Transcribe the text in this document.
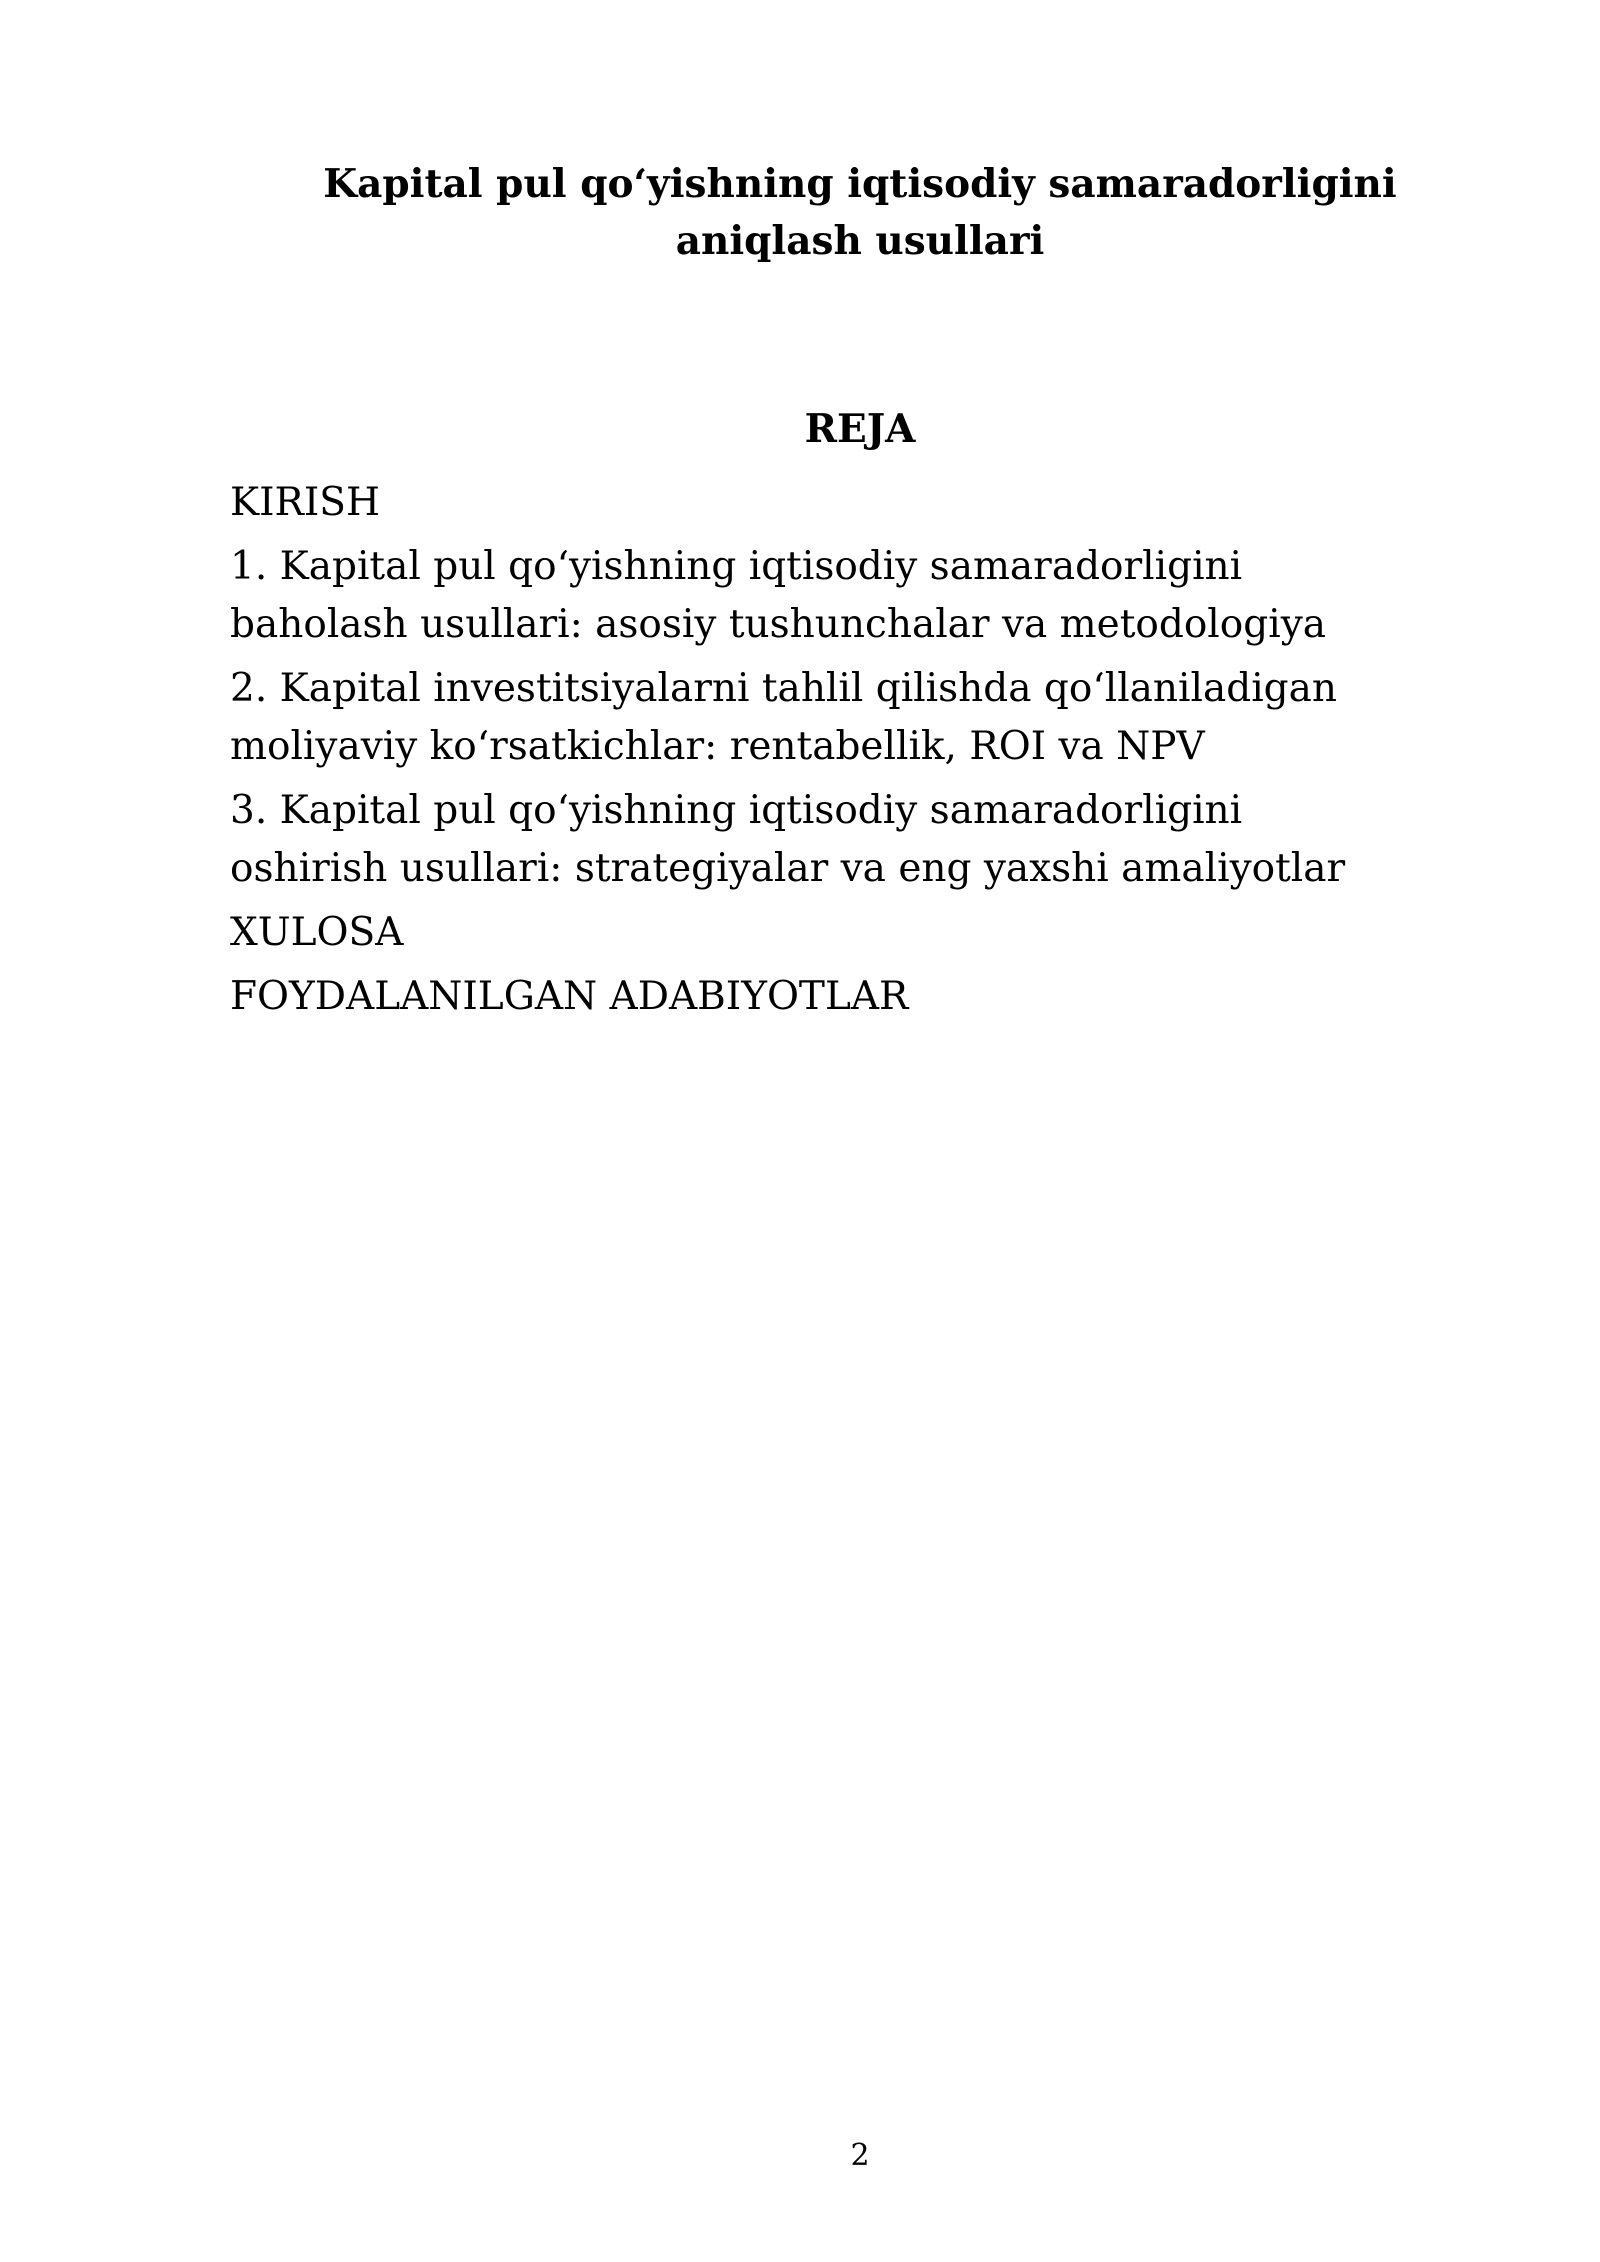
Kapital pul qo‘yishning iqtisodiy samaradorligini aniqlash usullari
REJA
KIRISH
1. Kapital pul qo‘yishning iqtisodiy samaradorligini baholash usullari: asosiy tushunchalar va metodologiya
2. Kapital investitsiyalarni tahlil qilishda qo‘llaniladigan moliyaviy ko‘rsatkichlar: rentabellik, ROI va NPV
3. Kapital pul qo‘yishning iqtisodiy samaradorligini oshirish usullari: strategiyalar va eng yaxshi amaliyotlar
XULOSA
FOYDALANILGAN ADABIYOTLAR
2
